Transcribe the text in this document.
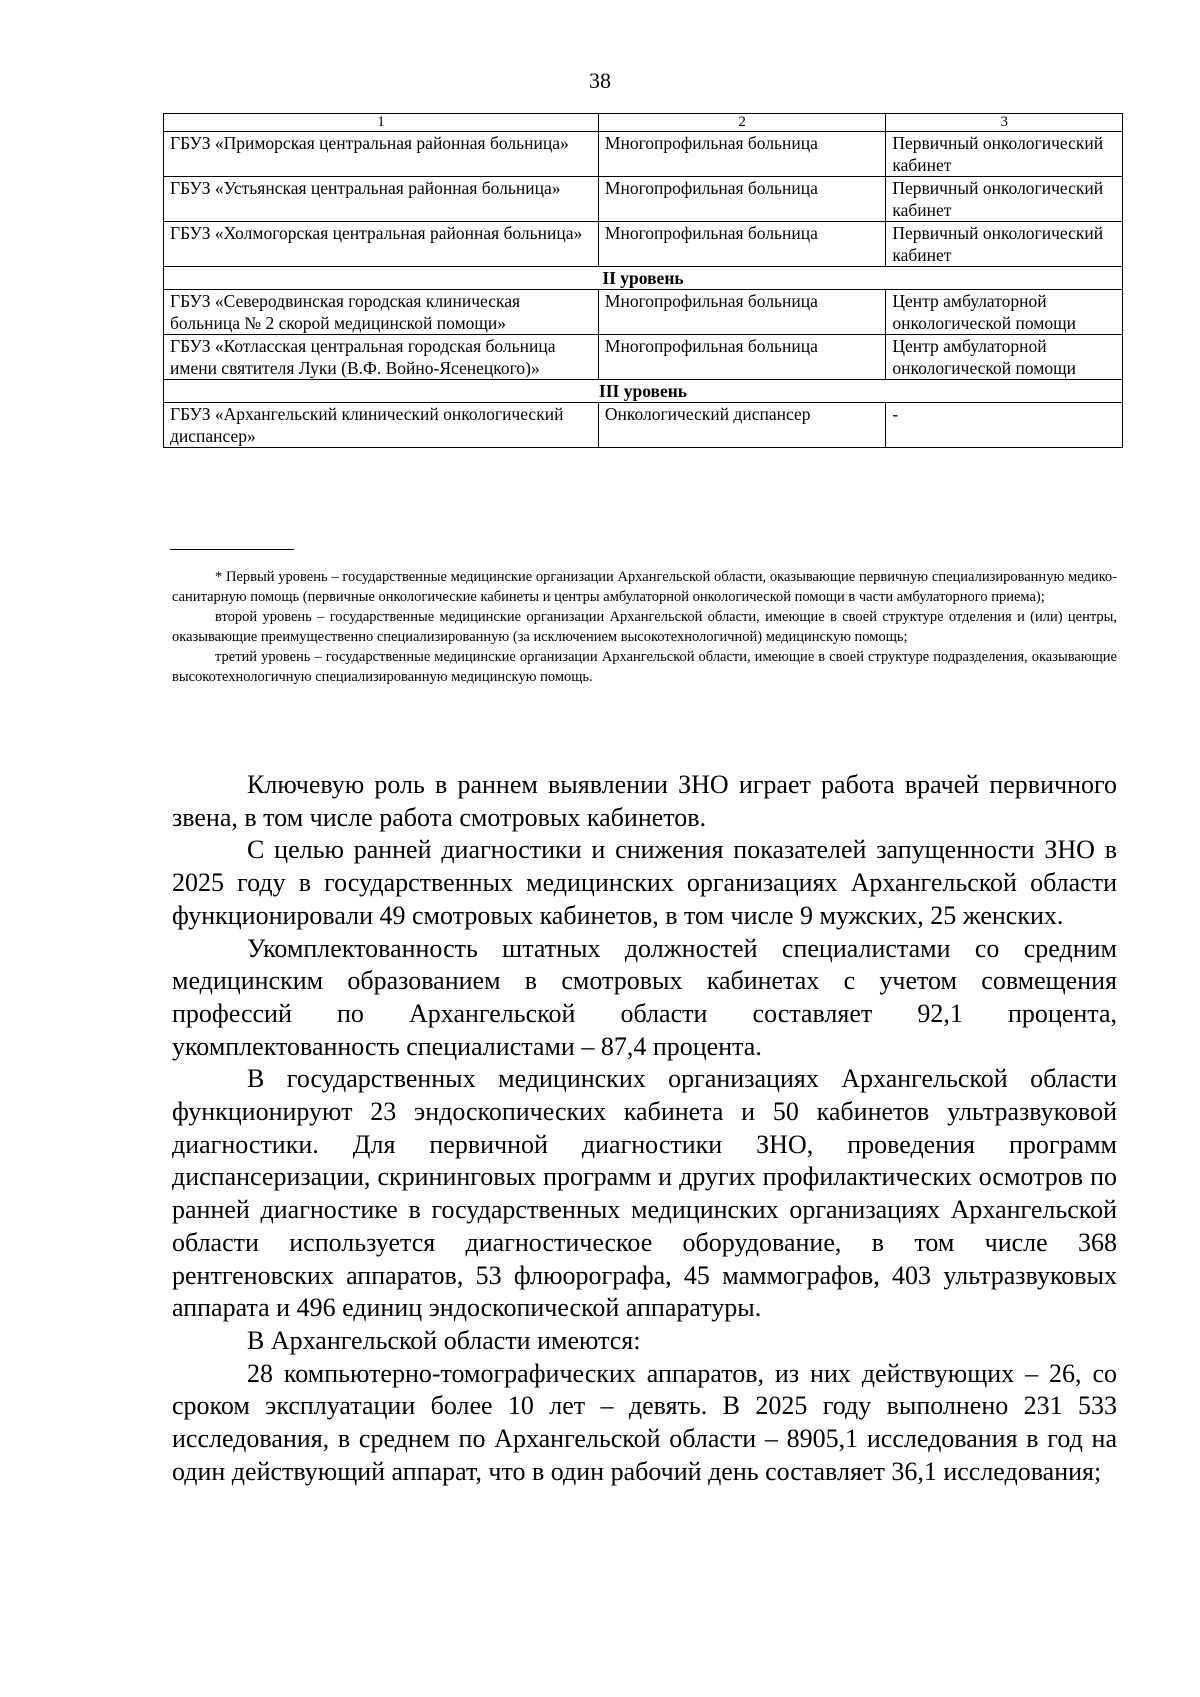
38
1	2	3
ГБУЗ «Приморская центральная районная больница»	Многопрофильная больница	Первичный онкологический кабинет
ГБУЗ «Устьянская центральная районная больница»	Многопрофильная больница	Первичный онкологический кабинет
ГБУЗ «Холмогорская центральная районная больница»	Многопрофильная больница	Первичный онкологический кабинет
II уровень		
ГБУЗ «Северодвинская городская клиническая больница № 2 скорой медицинской помощи»	Многопрофильная больница	Центр амбулаторной онкологической помощи
ГБУЗ «Котласская центральная городская больница имени святителя Луки (В.Ф. Войно-Ясенецкого)»	Многопрофильная больница	Центр амбулаторной онкологической помощи
III уровень		
ГБУЗ «Архангельский клинический онкологический диспансер»	Онкологический диспансер	-

* Первый уровень – государственные медицинские организации Архангельской области, оказывающие первичную специализированную медико-санитарную помощь (первичные онкологические кабинеты и центры амбулаторной онкологической помощи в части амбулаторного приема);

второй уровень – государственные медицинские организации Архангельской области, имеющие в своей структуре отделения и (или) центры, оказывающие преимущественно специализированную (за исключением высокотехнологичной) медицинскую помощь;

третий уровень – государственные медицинские организации Архангельской области, имеющие в своей структуре подразделения, оказывающие высокотехнологичную специализированную медицинскую помощь.

Ключевую роль в раннем выявлении ЗНО играет работа врачей первичного звена, в том числе работа смотровых кабинетов.

С целью ранней диагностики и снижения показателей запущенности ЗНО в 2025 году в государственных медицинских организациях Архангельской области функционировали 49 смотровых кабинетов, в том числе 9 мужских, 25 женских.

Укомплектованность штатных должностей специалистами со средним медицинским образованием в смотровых кабинетах с учетом совмещения профессий по Архангельской области составляет 92,1 процента, укомплектованность специалистами – 87,4 процента.

В государственных медицинских организациях Архангельской области функционируют 23 эндоскопических кабинета и 50 кабинетов ультразвуковой диагностики. Для первичной диагностики ЗНО, проведения программ диспансеризации, скрининговых программ и других профилактических осмотров по ранней диагностике в государственных медицинских организациях Архангельской области используется диагностическое оборудование, в том числе 368 рентгеновских аппаратов, 53 флюорографа, 45 маммографов, 403 ультразвуковых аппарата и 496 единиц эндоскопической аппаратуры.

В Архангельской области имеются:

28 компьютерно-томографических аппаратов, из них действующих – 26, со сроком эксплуатации более 10 лет – девять. В 2025 году выполнено 231 533 исследования, в среднем по Архангельской области – 8905,1 исследования в год на один действующий аппарат, что в один рабочий день составляет 36,1 исследования;
